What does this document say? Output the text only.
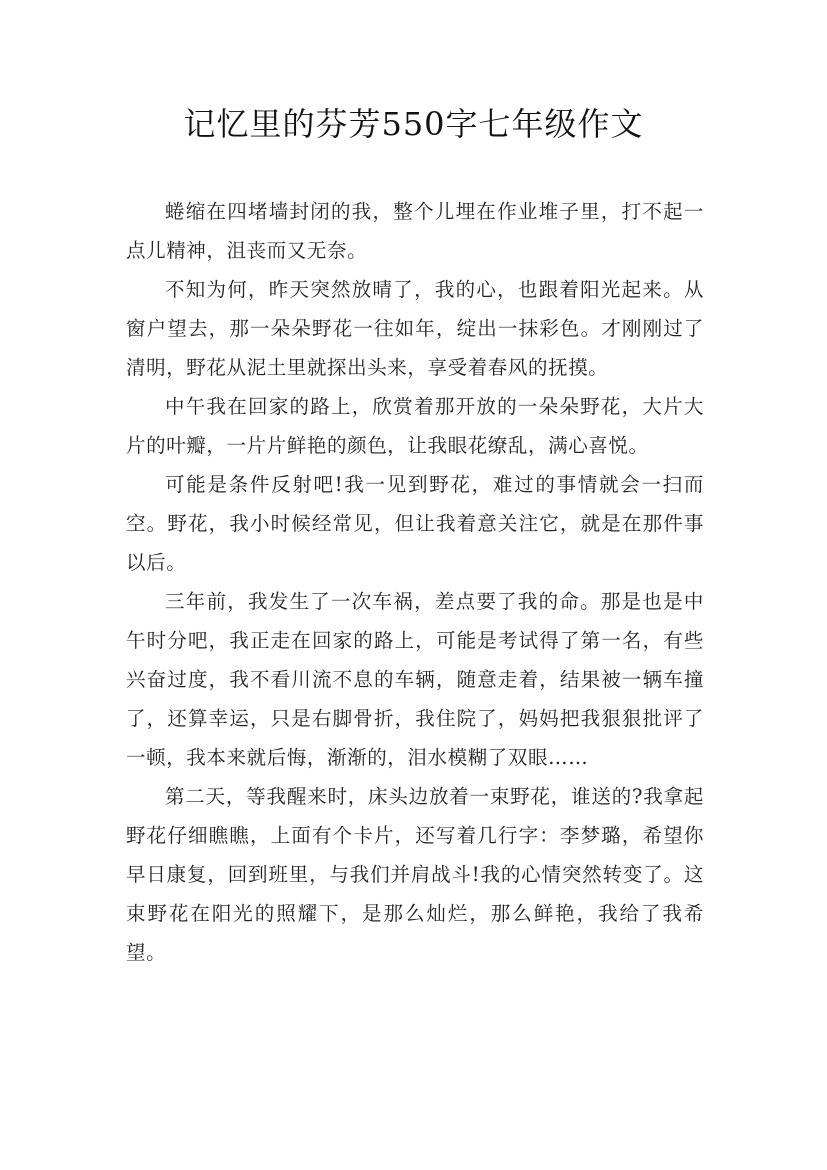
记忆里的芬芳550字七年级作文

蜷缩在四堵墙封闭的我，整个儿埋在作业堆子里，打不起一点儿精神，沮丧而又无奈。

不知为何，昨天突然放晴了，我的心，也跟着阳光起来。从窗户望去，那一朵朵野花一往如年，绽出一抹彩色。才刚刚过了清明，野花从泥土里就探出头来，享受着春风的抚摸。

中午我在回家的路上，欣赏着那开放的一朵朵野花，大片大片的叶瓣，一片片鲜艳的颜色，让我眼花缭乱，满心喜悦。

可能是条件反射吧!我一见到野花，难过的事情就会一扫而空。野花，我小时候经常见，但让我着意关注它，就是在那件事以后。

三年前，我发生了一次车祸，差点要了我的命。那是也是中午时分吧，我正走在回家的路上，可能是考试得了第一名，有些兴奋过度，我不看川流不息的车辆，随意走着，结果被一辆车撞了，还算幸运，只是右脚骨折，我住院了，妈妈把我狠狠批评了一顿，我本来就后悔，渐渐的，泪水模糊了双眼……

第二天，等我醒来时，床头边放着一束野花，谁送的?我拿起野花仔细瞧瞧，上面有个卡片，还写着几行字：李梦璐，希望你早日康复，回到班里，与我们并肩战斗!我的心情突然转变了。这束野花在阳光的照耀下，是那么灿烂，那么鲜艳，我给了我希望。
